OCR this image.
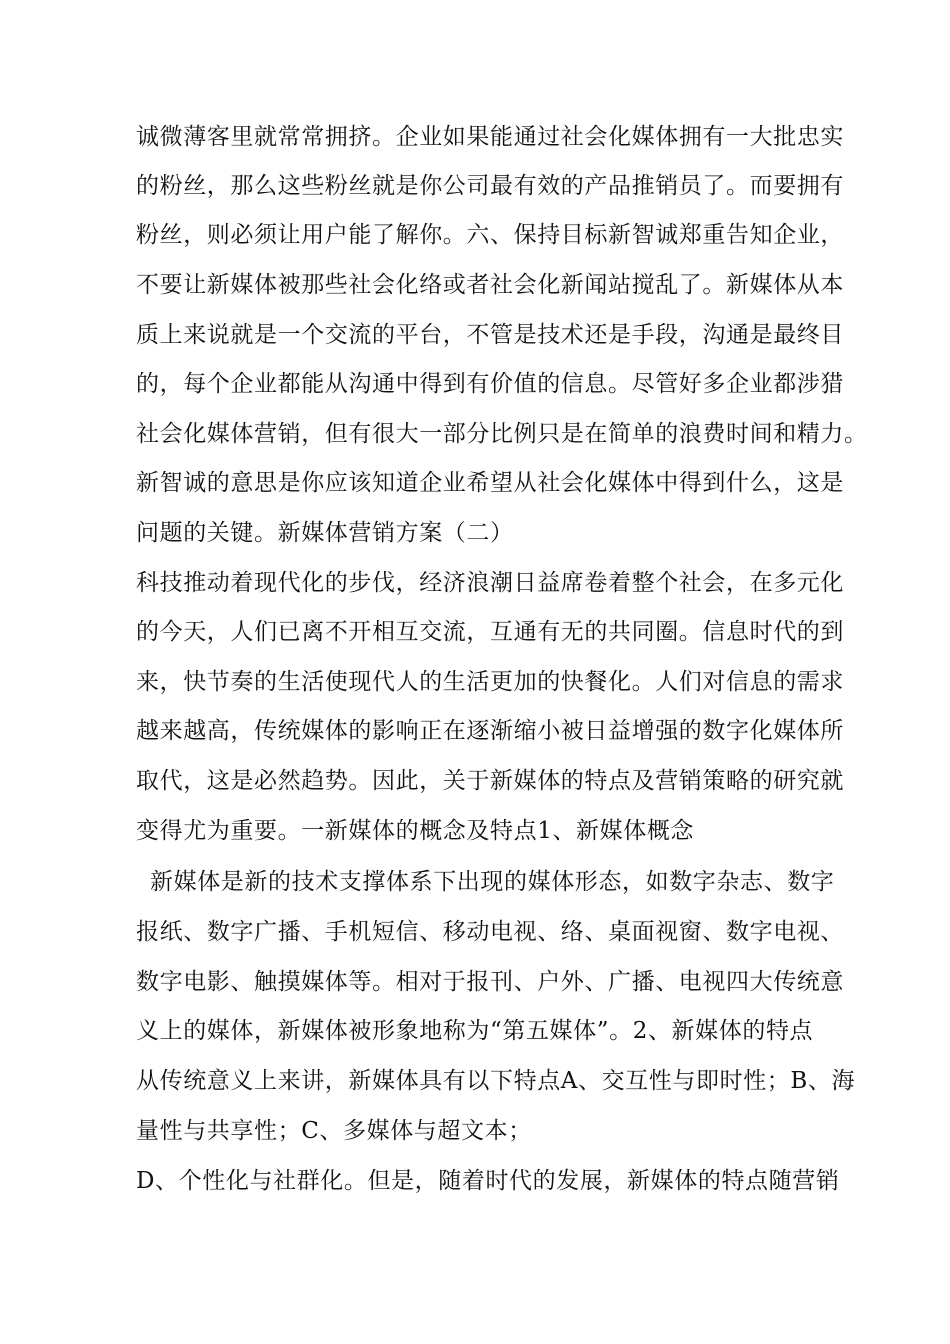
诚微薄客里就常常拥挤。企业如果能通过社会化媒体拥有一大批忠实
的粉丝，那么这些粉丝就是你公司最有效的产品推销员了。而要拥有
粉丝，则必须让用户能了解你。六、保持目标新智诚郑重告知企业，
不要让新媒体被那些社会化络或者社会化新闻站搅乱了。新媒体从本
质上来说就是一个交流的平台，不管是技术还是手段，沟通是最终目
的，每个企业都能从沟通中得到有价值的信息。尽管好多企业都涉猎
社会化媒体营销，但有很大一部分比例只是在简单的浪费时间和精力。
新智诚的意思是你应该知道企业希望从社会化媒体中得到什么，这是
问题的关键。新媒体营销方案（二）
科技推动着现代化的步伐，经济浪潮日益席卷着整个社会，在多元化
的今天，人们已离不开相互交流，互通有无的共同圈。信息时代的到
来，快节奏的生活使现代人的生活更加的快餐化。人们对信息的需求
越来越高，传统媒体的影响正在逐渐缩小被日益增强的数字化媒体所
取代，这是必然趋势。因此，关于新媒体的特点及营销策略的研究就
变得尤为重要。一新媒体的概念及特点1、新媒体概念
新媒体是新的技术支撑体系下出现的媒体形态，如数字杂志、数字
报纸、数字广播、手机短信、移动电视、络、桌面视窗、数字电视、
数字电影、触摸媒体等。相对于报刊、户外、广播、电视四大传统意
义上的媒体，新媒体被形象地称为“第五媒体”。2、新媒体的特点
从传统意义上来讲，新媒体具有以下特点A、交互性与即时性；B、海
量性与共享性；C、多媒体与超文本；
D、个性化与社群化。但是，随着时代的发展，新媒体的特点随营销
